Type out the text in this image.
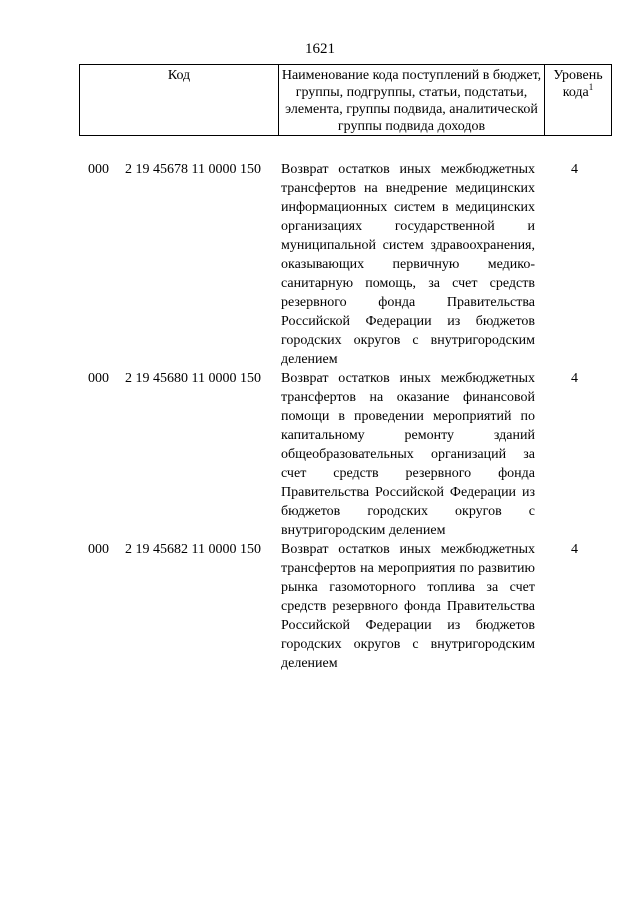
1621
Код	Наименование кода поступлений в бюджет, группы, подгруппы, статьи, подстатьи, элемента, группы подвида, аналитической группы подвида доходов
Уровень кода$^1$
000 2 19 45678 11 0000 150 Возврат остатков иных межбюджетных трансфертов на внедрение медицинских информационных систем в медицинских организациях государственной и муниципальной систем здравоохранения, оказывающих первичную медико-санитарную помощь, за счет средств резервного фонда Правительства Российской Федерации из бюджетов городских округов с внутригородским делением
4
000 2 19 45680 11 0000 150 Возврат остатков иных межбюджетных трансфертов на оказание финансовой помощи в проведении мероприятий по капитальному ремонту зданий общеобразовательных организаций за счет средств резервного фонда Правительства Российской Федерации из бюджетов городских округов с внутригородским делением
4
000 2 19 45682 11 0000 150 Возврат остатков иных межбюджетных трансфертов на мероприятия по развитию рынка газомоторного топлива за счет средств резервного фонда Правительства Российской Федерации из бюджетов городских округов с внутригородским делением
4
